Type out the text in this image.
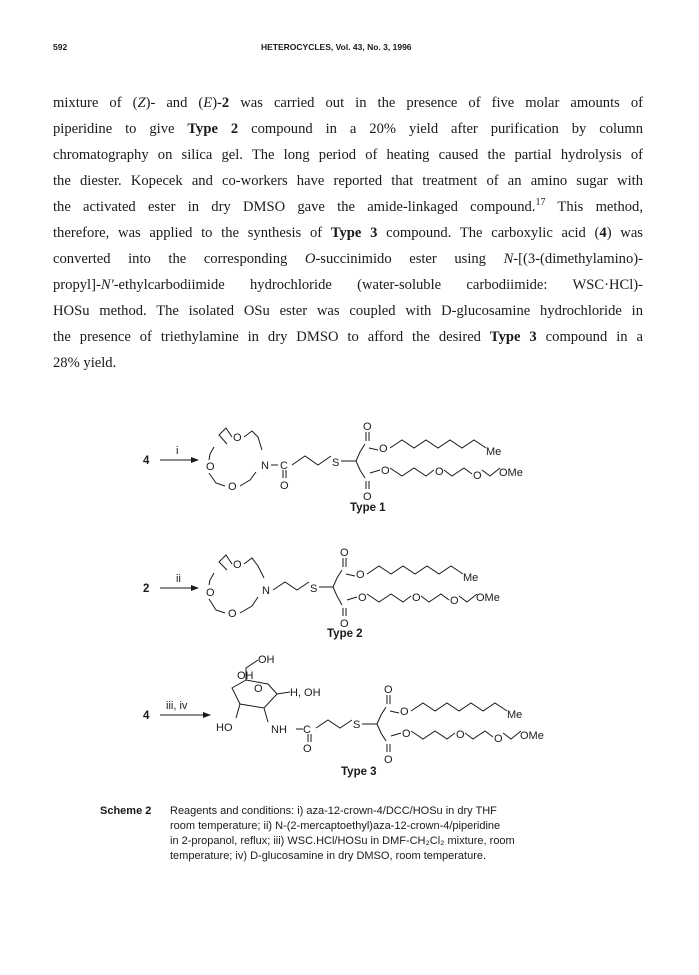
592	HETEROCYCLES, Vol. 43, No. 3, 1996

mixture of (Z)- and (E)-2 was carried out in the presence of five molar amounts of

piperidine to give Type 2 compound in a 20% yield after purification by column

chromatography on silica gel. The long period of heating caused the partial hydrolysis of

the diester. Kopecek and co-workers have reported that treatment of an amino sugar with

the activated ester in dry DMSO gave the amide-linkaged compound.$^{17}$ This method,

therefore, was applied to the synthesis of Type 3 compound. The carboxylic acid (4) was

converted into the corresponding O-succinimido ester using N-[(3-(dimethylamino)-

propyl]-N'-ethylcarbodiimide hydrochloride (water-soluble carbodiimide: WSC·HCl)-

HOSu method. The isolated OSu ester was coupled with D-glucosamine hydrochloride in

the presence of triethylamine in dry DMSO to afford the desired Type 3 compound in a

28% yield.

4
i
O
O
O
N C
O
S
O
O
O
O
O	O
Me
OMe
Type 1
2
ii
O
O
O
N	S
O
O
O
O
O	O
Me
OMe
Type 2
4
iii, iv
OH
OH
O H, OH
HO	NH C
O
S
O
O
O
O
O	O
Me
OMe
Type 3
Scheme 2	Reagents and conditions: i) aza-12-crown-4/DCC/HOSu in dry THF
room temperature; ii) N-(2-mercaptoethyl)aza-12-crown-4/piperidine
in 2-propanol, reflux; iii) WSC.HCl/HOSu in DMF-CH₂Cl₂ mixture, room
temperature; iv) D-glucosamine in dry DMSO, room temperature.
